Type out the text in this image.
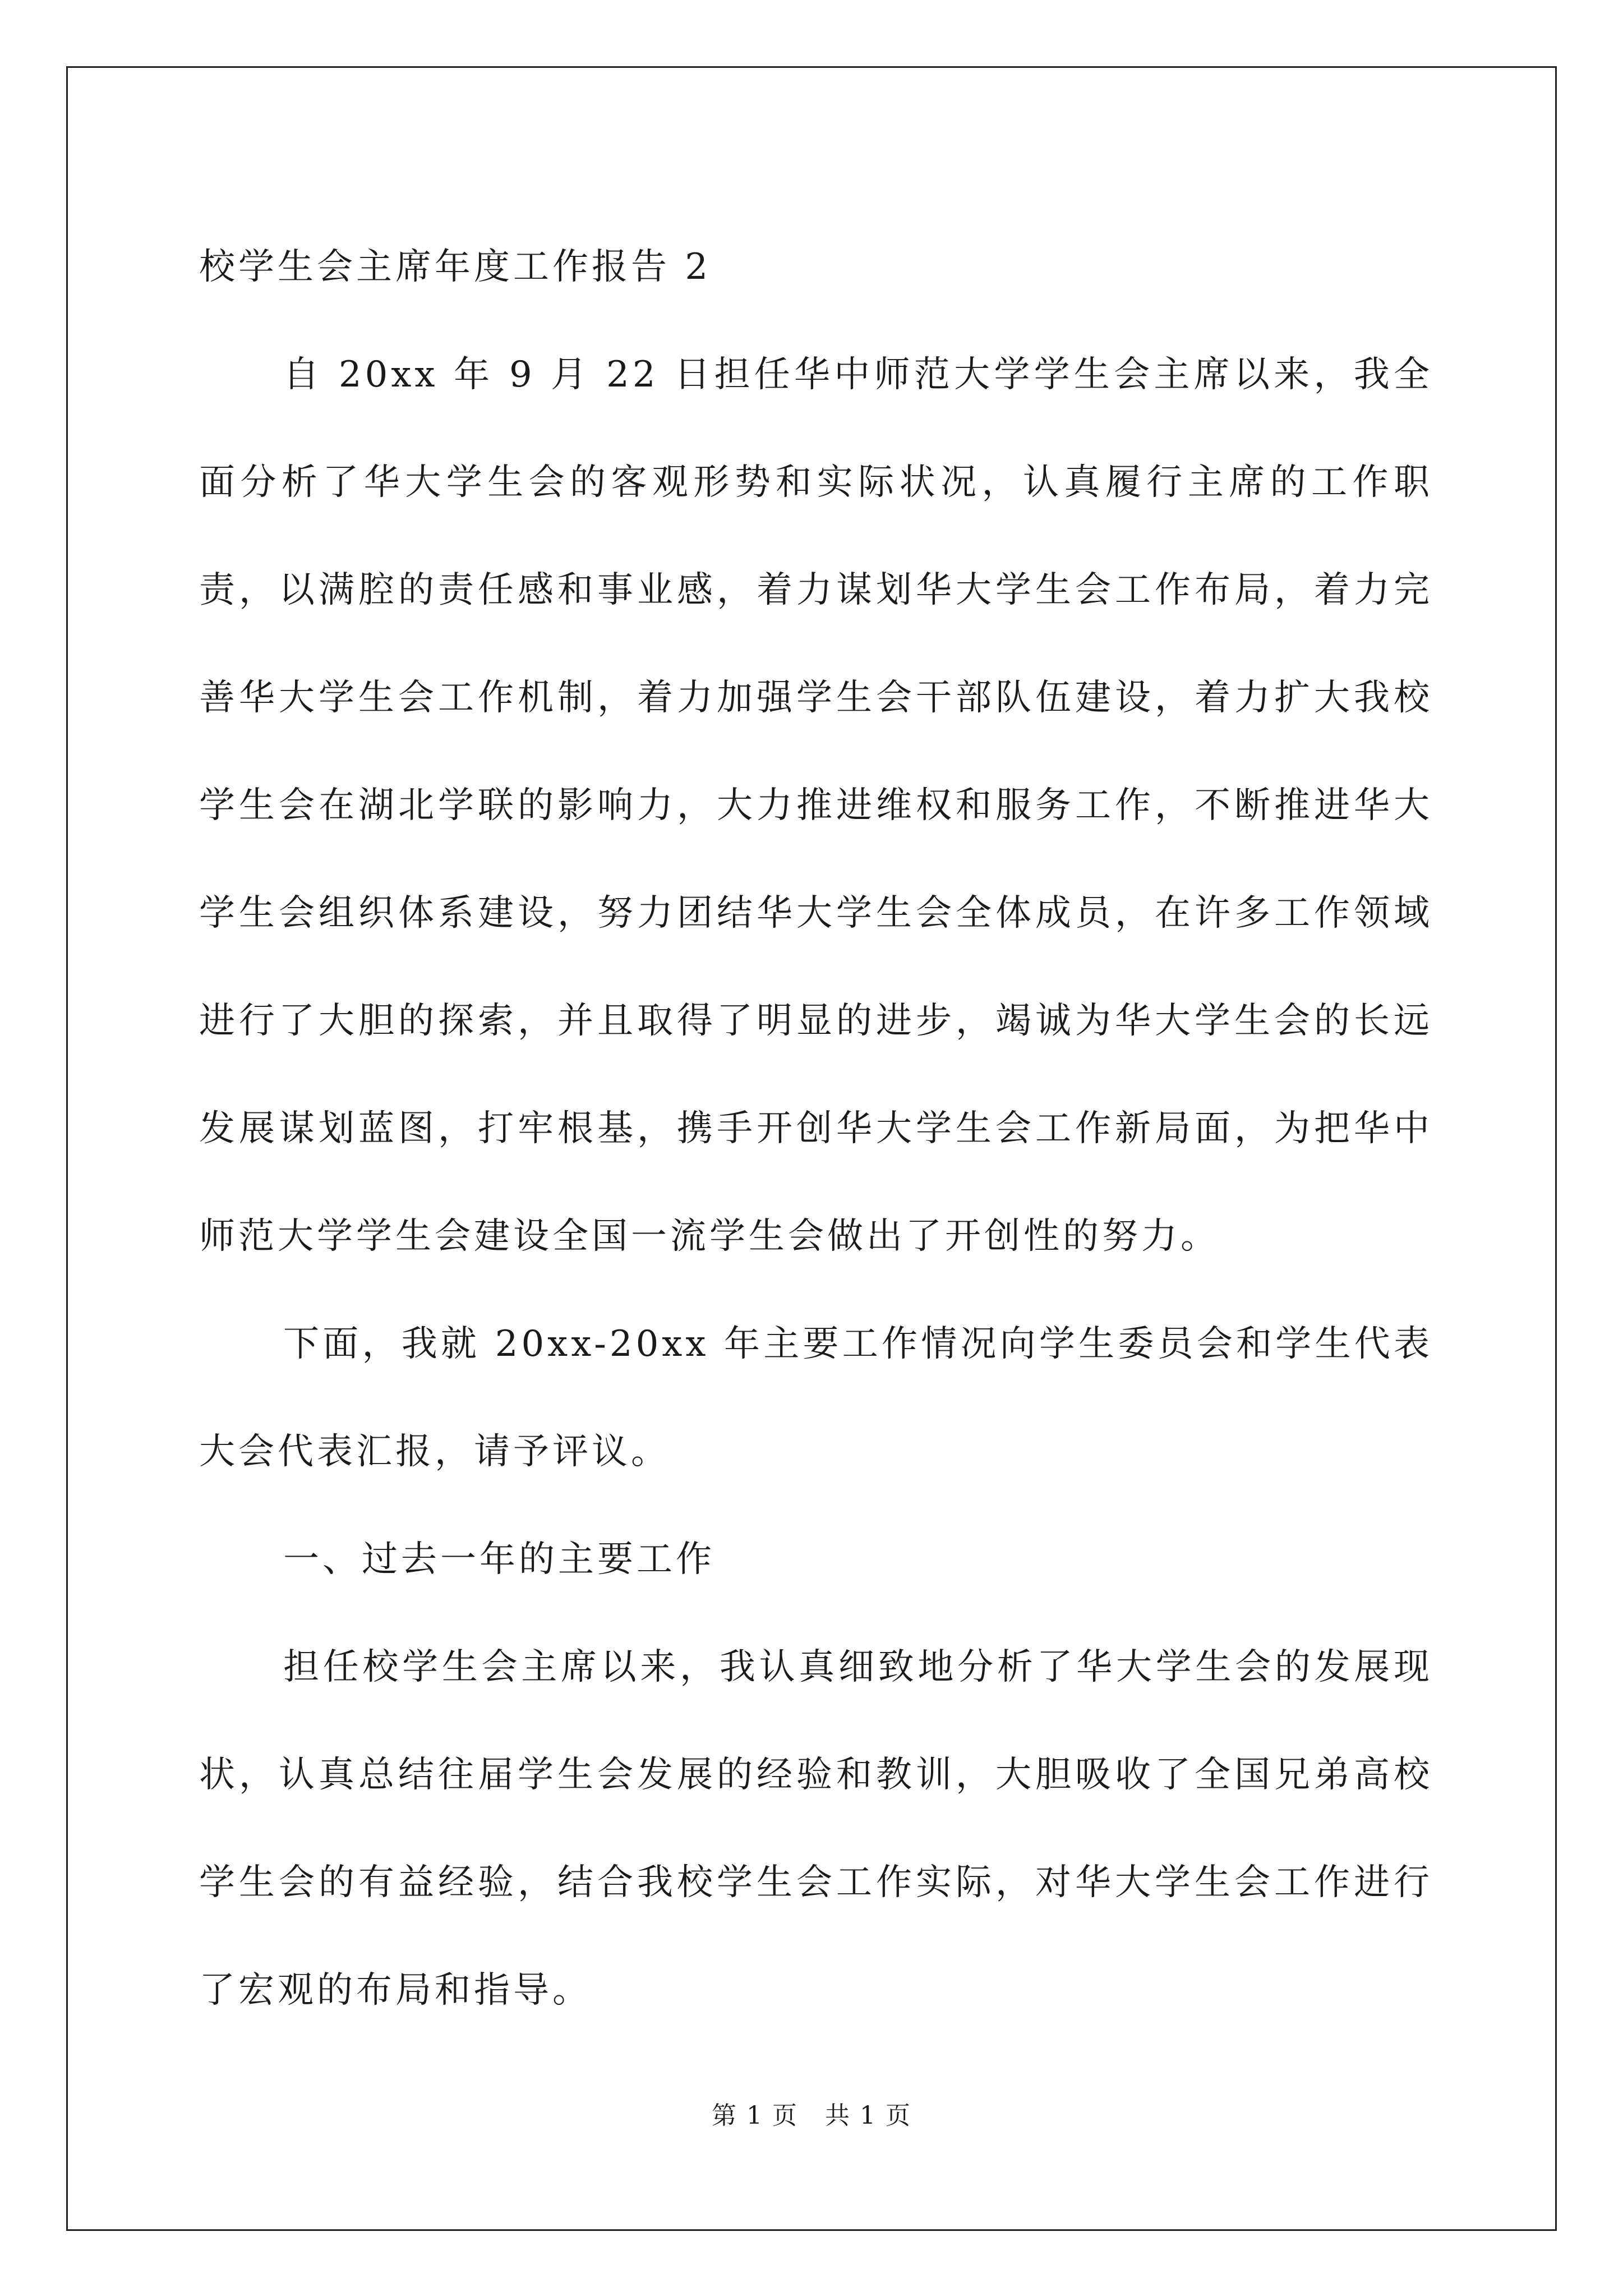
校学生会主席年度工作报告 2

自 20xx 年 9 月 22 日担任华中师范大学学生会主席以来，我全面分析了华大学生会的客观形势和实际状况，认真履行主席的工作职责，以满腔的责任感和事业感，着力谋划华大学生会工作布局，着力完善华大学生会工作机制，着力加强学生会干部队伍建设，着力扩大我校学生会在湖北学联的影响力，大力推进维权和服务工作，不断推进华大学生会组织体系建设，努力团结华大学生会全体成员，在许多工作领域进行了大胆的探索，并且取得了明显的进步，竭诚为华大学生会的长远发展谋划蓝图，打牢根基，携手开创华大学生会工作新局面，为把华中师范大学学生会建设全国一流学生会做出了开创性的努力。

下面，我就 20xx-20xx 年主要工作情况向学生委员会和学生代表大会代表汇报，请予评议。

一、过去一年的主要工作

担任校学生会主席以来，我认真细致地分析了华大学生会的发展现状，认真总结往届学生会发展的经验和教训，大胆吸收了全国兄弟高校学生会的有益经验，结合我校学生会工作实际，对华大学生会工作进行了宏观的布局和指导。

第 1 页 共 1 页
